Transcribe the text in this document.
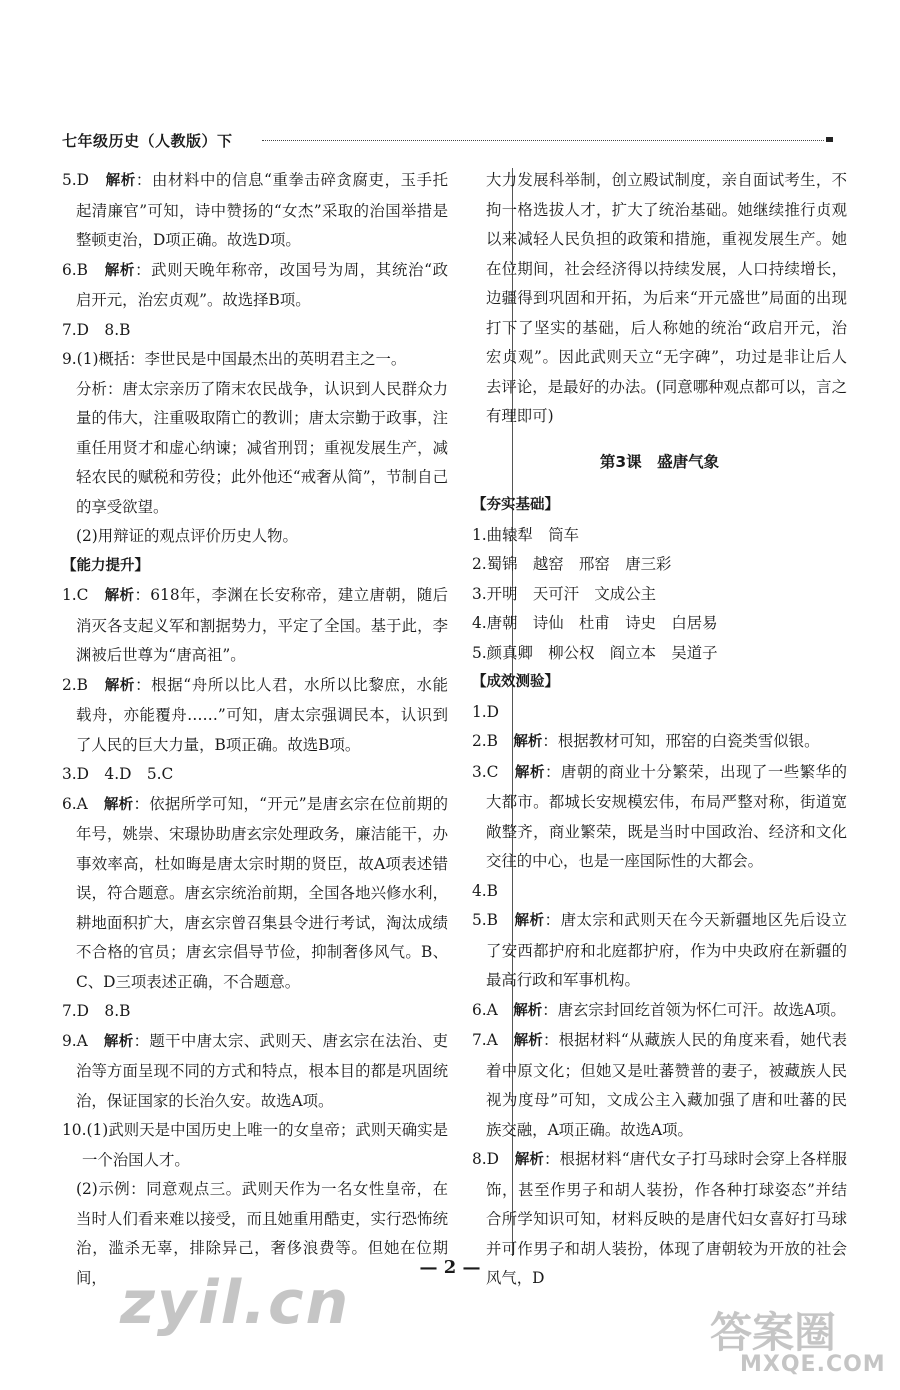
七年级历史（人教版）下

5.D　 解析：由材料中的信息“重拳击碎贪腐吏，玉手托起清廉官”可知，诗中赞扬的“女杰”采取的治国举措是整顿吏治，D项正确。故选D项。

6.B　 解析：武则天晚年称帝，改国号为周，其统治“政启开元，治宏贞观”。故选择B项。

7.D　8.B

9.(1)概括：李世民是中国最杰出的英明君主之一。

分析：唐太宗亲历了隋末农民战争，认识到人民群众力量的伟大，注重吸取隋亡的教训；唐太宗勤于政事，注重任用贤才和虚心纳谏；减省刑罚；重视发展生产，减轻农民的赋税和劳役；此外他还“戒奢从简”，节制自己的享受欲望。

(2)用辩证的观点评价历史人物。

【能力提升】

1.C　 解析：618年，李渊在长安称帝，建立唐朝，随后消灭各支起义军和割据势力，平定了全国。基于此，李渊被后世尊为“唐高祖”。

2.B　 解析：根据“舟所以比人君，水所以比黎庶，水能载舟，亦能覆舟……”可知，唐太宗强调民本，认识到了人民的巨大力量，B项正确。故选B项。

3.D　4.D　5.C

6.A　 解析：依据所学可知，“开元”是唐玄宗在位前期的年号，姚崇、宋璟协助唐玄宗处理政务，廉洁能干，办事效率高，杜如晦是唐太宗时期的贤臣，故A项表述错误，符合题意。唐玄宗统治前期，全国各地兴修水利，耕地面积扩大，唐玄宗曾召集县令进行考试，淘汰成绩不合格的官员；唐玄宗倡导节俭，抑制奢侈风气。B、C、D三项表述正确，不合题意。

7.D　8.B

9.A　 解析：题干中唐太宗、武则天、唐玄宗在法治、吏治等方面呈现不同的方式和特点，根本目的都是巩固统治，保证国家的长治久安。故选A项。

10.(1)武则天是中国历史上唯一的女皇帝；武则天确实是一个治国人才。

(2)示例：同意观点三。武则天作为一名女性皇帝，在当时人们看来难以接受，而且她重用酷吏，实行恐怖统治，滥杀无辜，排除异己，奢侈浪费等。但她在位期间，

大力发展科举制，创立殿试制度，亲自面试考生，不拘一格选拔人才，扩大了统治基础。她继续推行贞观以来减轻人民负担的政策和措施，重视发展生产。她在位期间，社会经济得以持续发展，人口持续增长，边疆得到巩固和开拓，为后来“开元盛世”局面的出现打下了坚实的基础，后人称她的统治“政启开元，治宏贞观”。因此武则天立“无字碑”，功过是非让后人去评论，是最好的办法。(同意哪种观点都可以，言之有理即可)

第3课　盛唐气象

【夯实基础】

1.曲辕犁　筒车

2.蜀锦　越窑　邢窑　唐三彩

3.开明　天可汗　文成公主

4.唐朝　诗仙　杜甫　诗史　白居易

5.颜真卿　柳公权　阎立本　吴道子

【成效测验】

1.D

2.B　 解析：根据教材可知，邢窑的白瓷类雪似银。

3.C　 解析：唐朝的商业十分繁荣，出现了一些繁华的大都市。都城长安规模宏伟，布局严整对称，街道宽敞整齐，商业繁荣，既是当时中国政治、经济和文化交往的中心，也是一座国际性的大都会。

4.B

5.B　 解析：唐太宗和武则天在今天新疆地区先后设立了安西都护府和北庭都护府，作为中央政府在新疆的最高行政和军事机构。

6.A　 解析：唐玄宗封回纥首领为怀仁可汗。故选A项。

7.A　 解析：根据材料“从藏族人民的角度来看，她代表着中原文化；但她又是吐蕃赞普的妻子，被藏族人民视为度母”可知，文成公主入藏加强了唐和吐蕃的民族交融，A项正确。故选A项。

8.D　 解析：根据材料“唐代女子打马球时会穿上各样服饰，甚至作男子和胡人装扮，作各种打球姿态”并结合所学知识可知，材料反映的是唐代妇女喜好打马球并可作男子和胡人装扮，体现了唐朝较为开放的社会风气，D

— 2 —
zyil.cn	答案圈
MXQE.COM
